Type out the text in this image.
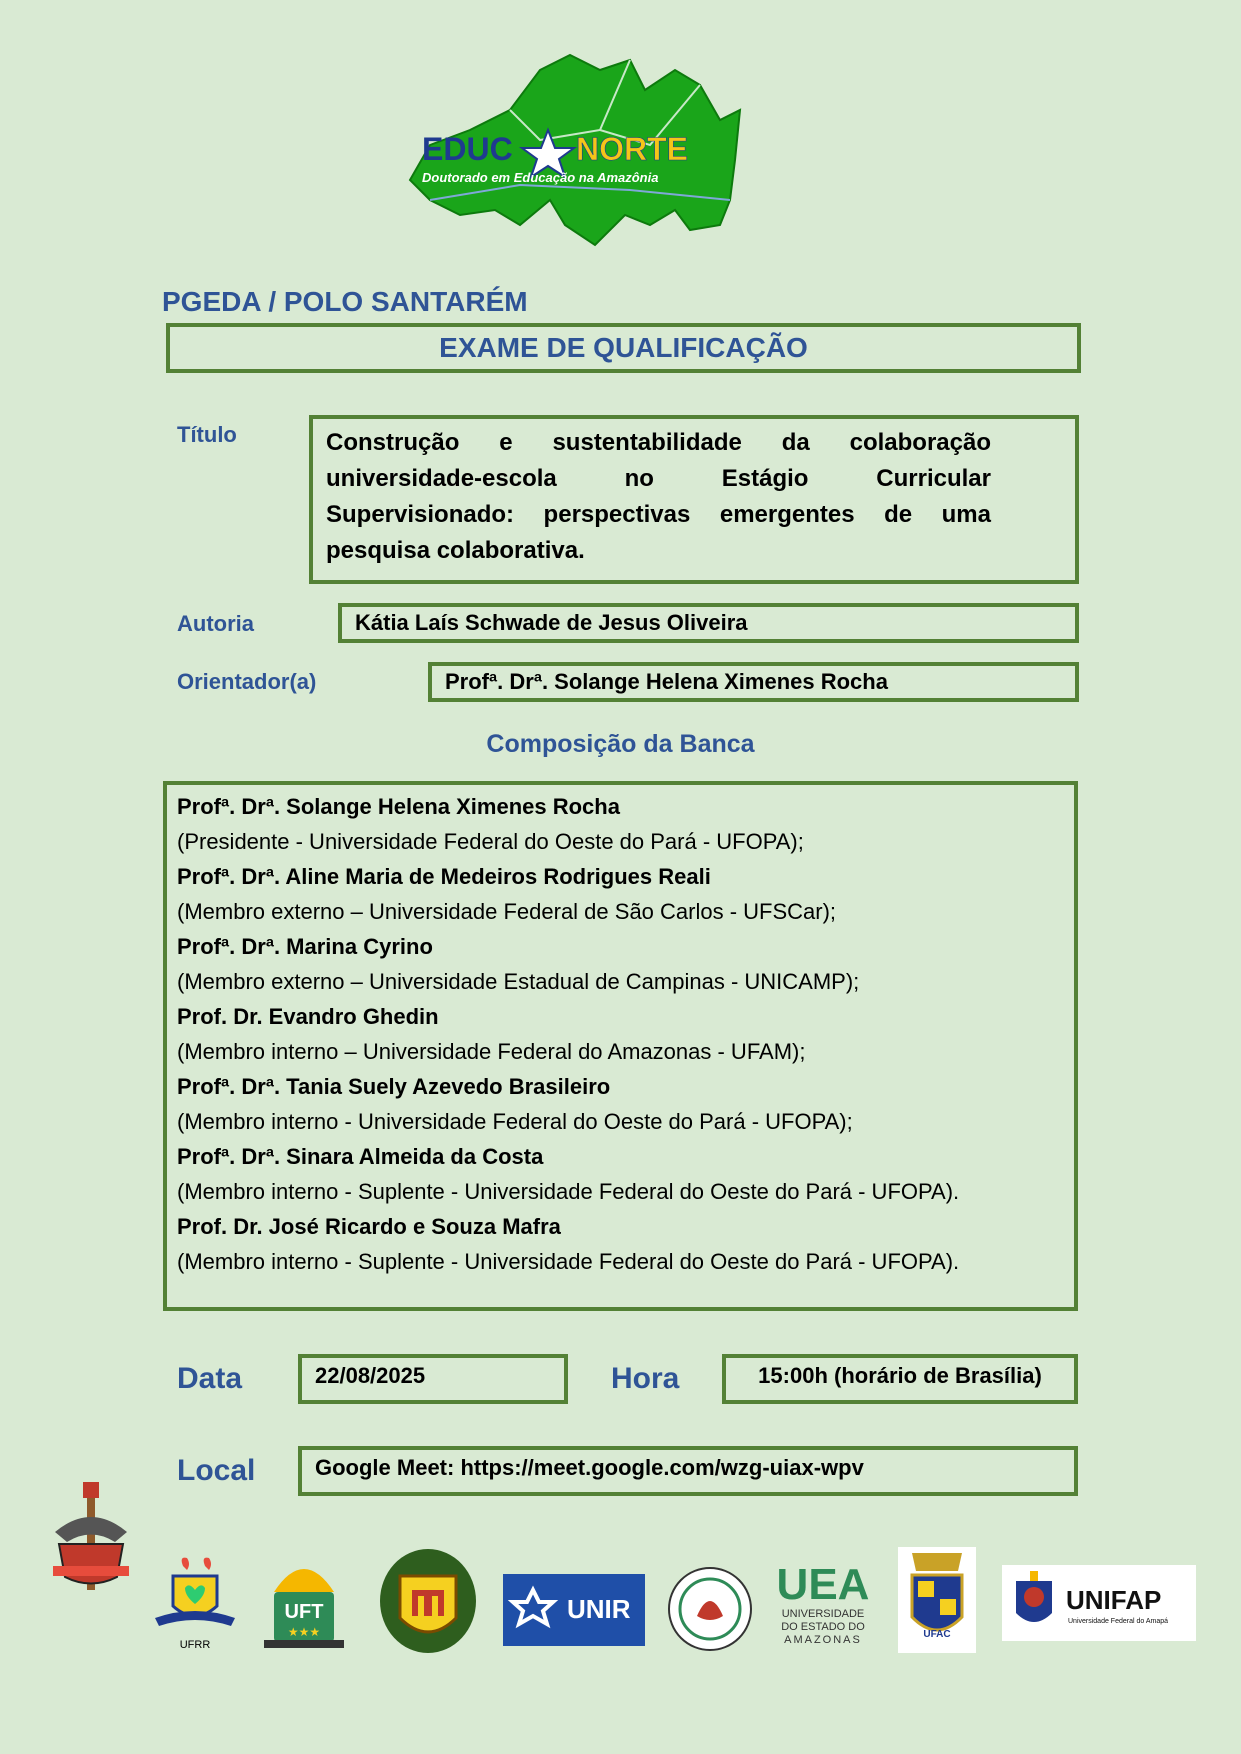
EDUC NORTE
Doutorado em Educação na Amazônia
PGEDA / POLO SANTARÉM
EXAME DE QUALIFICAÇÃO
Título	Construção e sustentabilidade da colaboração universidade-escola no Estágio Curricular Supervisionado: perspectivas emergentes de uma pesquisa colaborativa.
Autoria	Kátia Laís Schwade de Jesus Oliveira
Orientador(a)	Profª. Drª. Solange Helena Ximenes Rocha
Composição da Banca
Profª. Drª. Solange Helena Ximenes Rocha
(Presidente - Universidade Federal do Oeste do Pará - UFOPA);
Profª. Drª. Aline Maria de Medeiros Rodrigues Reali
(Membro externo – Universidade Federal de São Carlos - UFSCar);
Profª. Drª. Marina Cyrino
(Membro externo – Universidade Estadual de Campinas - UNICAMP);
Prof. Dr. Evandro Ghedin
(Membro interno – Universidade Federal do Amazonas - UFAM);
Profª. Drª. Tania Suely Azevedo Brasileiro
(Membro interno - Universidade Federal do Oeste do Pará - UFOPA);
Profª. Drª. Sinara Almeida da Costa
(Membro interno - Suplente - Universidade Federal do Oeste do Pará - UFOPA).
Prof. Dr. José Ricardo e Souza Mafra
(Membro interno - Suplente - Universidade Federal do Oeste do Pará - UFOPA).
Data	22/08/2025	Hora	15:00h (horário de Brasília)
Local	Google Meet: https://meet.google.com/wzg-uiax-wpv
UFRR
UFT
★★★
UNIR	UEA
UNIVERSIDADE
DO ESTADO DO
AMAZONAS	UFAC
UNIFAP
Universidade Federal do Amapá
